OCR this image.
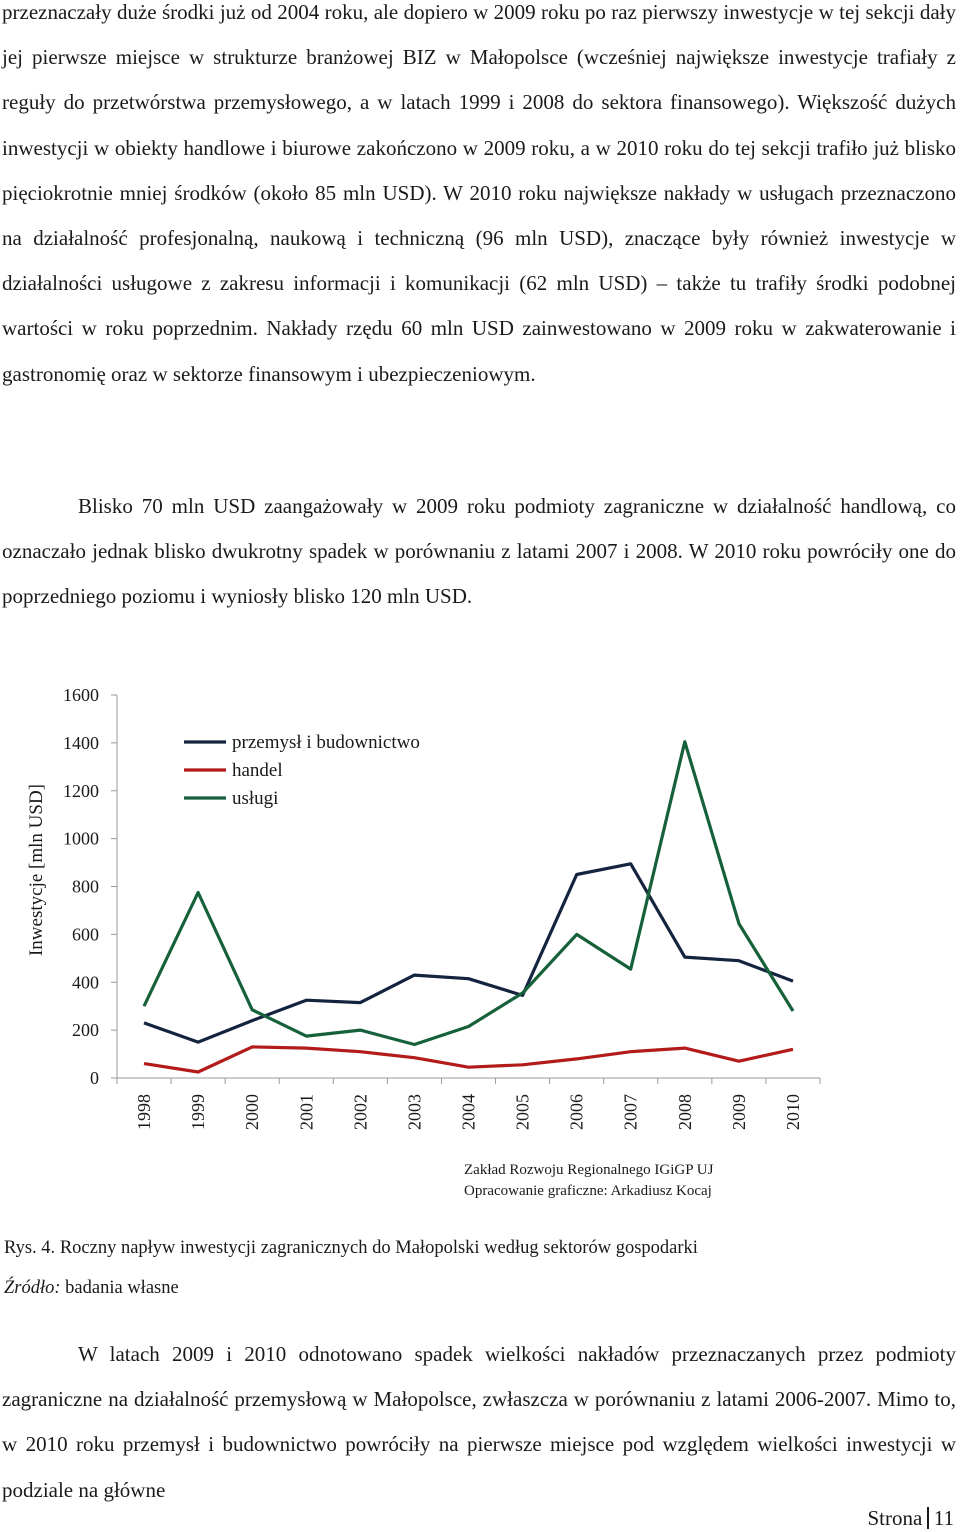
przeznaczały duże środki już od 2004 roku, ale dopiero w 2009 roku po raz pierwszy inwestycje w tej sekcji dały jej pierwsze miejsce w strukturze branżowej BIZ w Małopolsce (wcześniej największe inwestycje trafiały z reguły do przetwórstwa przemysłowego, a w latach 1999 i 2008 do sektora finansowego). Większość dużych inwestycji w obiekty handlowe i biurowe zakończono w 2009 roku, a w 2010 roku do tej sekcji trafiło już blisko pięciokrotnie mniej środków (około 85 mln USD). W 2010 roku największe nakłady w usługach przeznaczono na działalność profesjonalną, naukową i techniczną (96 mln USD), znaczące były również inwestycje w działalności usługowe z zakresu informacji i komunikacji (62 mln USD) – także tu trafiły środki podobnej wartości w roku poprzednim. Nakłady rzędu 60 mln USD zainwestowano w 2009 roku w zakwaterowanie i gastronomię oraz w sektorze finansowym i ubezpieczeniowym.

Blisko 70 mln USD zaangażowały w 2009 roku podmioty zagraniczne w działalność handlową, co oznaczało jednak blisko dwukrotny spadek w porównaniu z latami 2007 i 2008. W 2010 roku powróciły one do poprzedniego poziomu i wyniosły blisko 120 mln USD.

0
200
400
600
800
1000
1200
1400
1600
1998 1999 2000 2001 2002 2003 2004 2005 2006 2007 2008 2009 2010
Inwestycje [mln USD]
przemysł i budownictwo
handel
usługi
Zakład Rozwoju Regionalnego IGiGP UJ
Opracowanie graficzne: Arkadiusz Kocaj
Rys. 4. Roczny napływ inwestycji zagranicznych do Małopolski według sektorów gospodarki
Źródło: badania własne

W latach 2009 i 2010 odnotowano spadek wielkości nakładów przeznaczanych przez podmioty zagraniczne na działalność przemysłową w Małopolsce, zwłaszcza w porównaniu z latami 2006-2007. Mimo to, w 2010 roku przemysł i budownictwo powróciły na pierwsze miejsce pod względem wielkości inwestycji w podziale na główne

Strona 11
